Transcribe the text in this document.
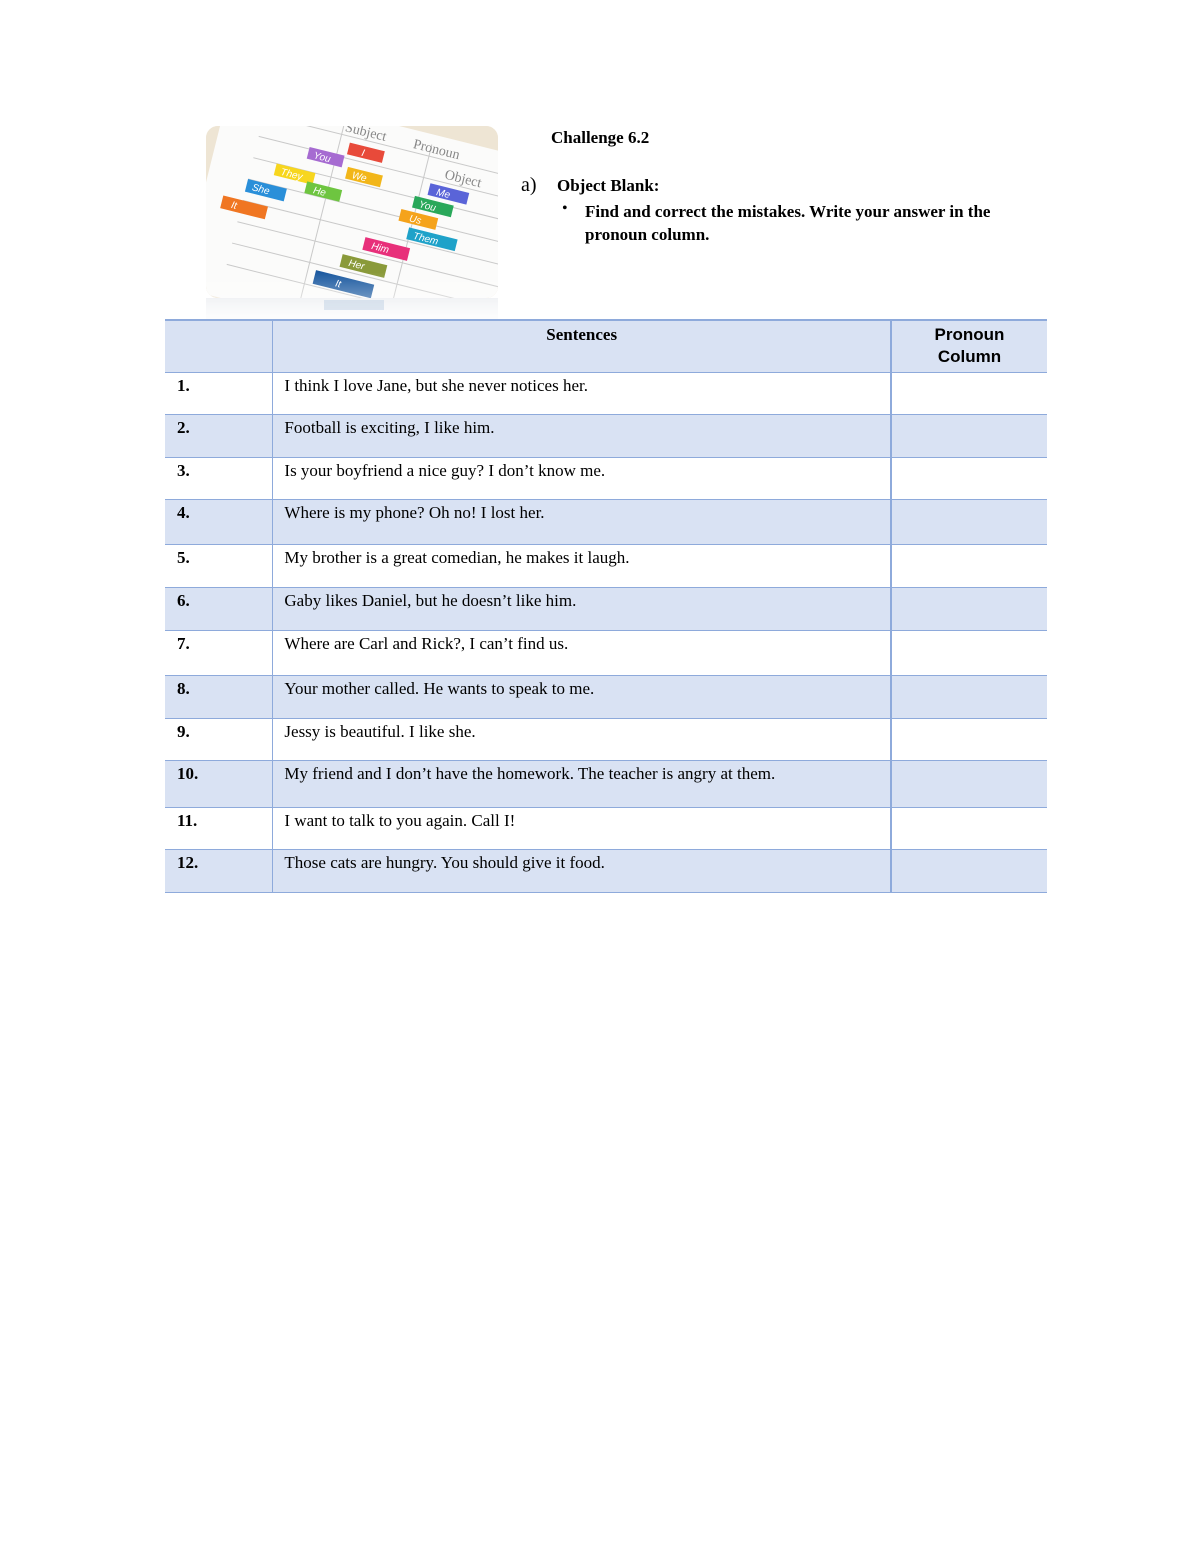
Challenge 6.2
a) Object Blank:
• Find and correct the mistakes. Write your answer in the pronoun column.
	Sentences	Pronoun
Column

1.	I think I love Jane, but she never notices her.	
2.	Football is exciting, I like him.	
3.	Is your boyfriend a nice guy? I don’t know me.	
4.	Where is my phone? Oh no! I lost her.	
5.	My brother is a great comedian, he makes it laugh.	
6.	Gaby likes Daniel, but he doesn’t like him.	
7.	Where are Carl and Rick?, I can’t find us.	
8.	Your mother called. He wants to speak to me.	
9.	Jessy is beautiful. I like she.	
10.	My friend and I don’t have the homework. The teacher is angry at them.	
11.	I want to talk to you again. Call I!	
12.	Those cats are hungry. You should give it food.	
